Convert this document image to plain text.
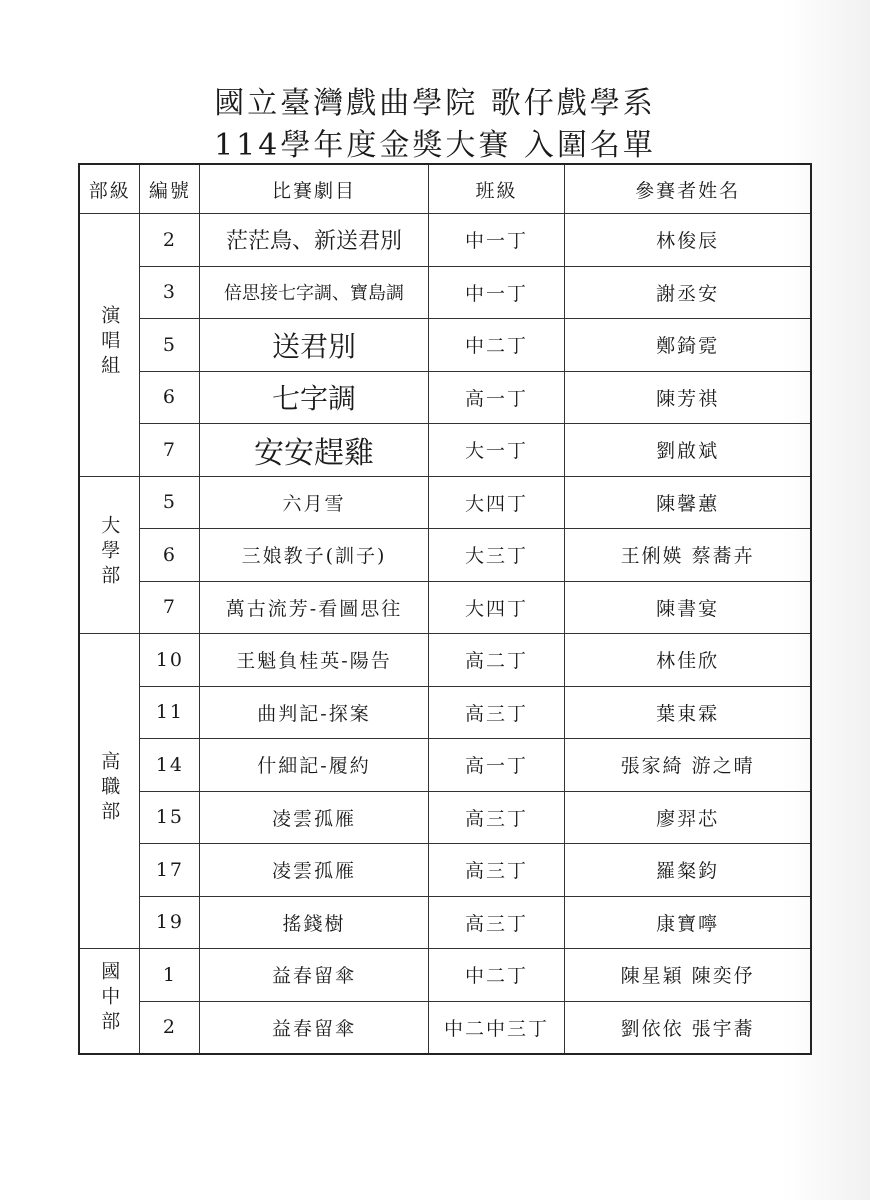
國立臺灣戲曲學院 歌仔戲學系
114學年度金獎大賽 入圍名單
部級	編號	比賽劇目	班級	參賽者姓名
演唱組	2	茫茫鳥、新送君別	中一丁	林俊辰
	3	倍思接七字調、寶島調	中一丁	謝丞安
	5	送君別	中二丁	鄭錡霓
	6	七字調	高一丁	陳芳祺
	7	安安趕雞	大一丁	劉啟斌
大學部	5	六月雪	大四丁	陳馨蕙
	6	三娘教子(訓子)	大三丁	王俐媖 蔡蕎卉
	7	萬古流芳-看圖思往	大四丁	陳書宴
高職部	10	王魁負桂英-陽告	高二丁	林佳欣
	11	曲判記-探案	高三丁	葉東霖
	14	什細記-履約	高一丁	張家綺 游之晴
	15	凌雲孤雁	高三丁	廖羿芯
	17	凌雲孤雁	高三丁	羅粲鈞
	19	搖錢樹	高三丁	康寶嚀
國中部	1	益春留傘	中二丁	陳星穎 陳奕伃
	2	益春留傘	中二中三丁	劉依依 張宇蕎
